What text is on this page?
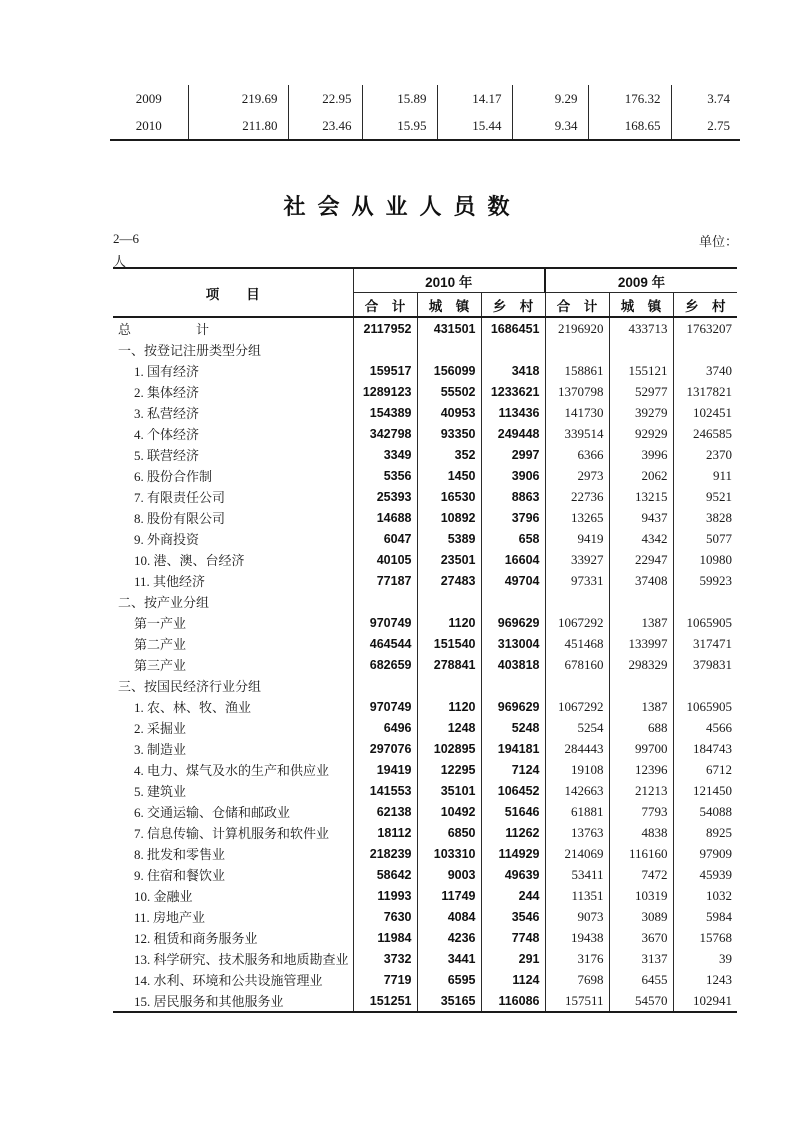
2009	219.69	22.95	15.89	14.17	9.29	176.32	3.74
2010	211.80	23.46	15.95	15.44	9.34	168.65	2.75
社会从业人员数
2—6	单位：
人
项　　目	2010 年			2009 年		
	合　计	城　镇	乡　村	合　计	城　镇	乡　村
总　　　　　计	2117952	431501	1686451	2196920	433713	1763207
一、按登记注册类型分组						
1. 国有经济	159517	156099	3418	158861	155121	3740
2. 集体经济	1289123	55502	1233621	1370798	52977	1317821
3. 私营经济	154389	40953	113436	141730	39279	102451
4. 个体经济	342798	93350	249448	339514	92929	246585
5. 联营经济	3349	352	2997	6366	3996	2370
6. 股份合作制	5356	1450	3906	2973	2062	911
7. 有限责任公司	25393	16530	8863	22736	13215	9521
8. 股份有限公司	14688	10892	3796	13265	9437	3828
9. 外商投资	6047	5389	658	9419	4342	5077
10. 港、澳、台经济	40105	23501	16604	33927	22947	10980
11. 其他经济	77187	27483	49704	97331	37408	59923
二、按产业分组						
第一产业	970749	1120	969629	1067292	1387	1065905
第二产业	464544	151540	313004	451468	133997	317471
第三产业	682659	278841	403818	678160	298329	379831
三、按国民经济行业分组						
1. 农、林、牧、渔业	970749	1120	969629	1067292	1387	1065905
2. 采掘业	6496	1248	5248	5254	688	4566
3. 制造业	297076	102895	194181	284443	99700	184743
4. 电力、煤气及水的生产和供应业	19419	12295	7124	19108	12396	6712
5. 建筑业	141553	35101	106452	142663	21213	121450
6. 交通运输、仓储和邮政业	62138	10492	51646	61881	7793	54088
7. 信息传输、计算机服务和软件业	18112	6850	11262	13763	4838	8925
8. 批发和零售业	218239	103310	114929	214069	116160	97909
9. 住宿和餐饮业	58642	9003	49639	53411	7472	45939
10. 金融业	11993	11749	244	11351	10319	1032
11. 房地产业	7630	4084	3546	9073	3089	5984
12. 租赁和商务服务业	11984	4236	7748	19438	3670	15768
13. 科学研究、技术服务和地质勘查业	3732	3441	291	3176	3137	39
14. 水利、环境和公共设施管理业	7719	6595	1124	7698	6455	1243
15. 居民服务和其他服务业	151251	35165	116086	157511	54570	102941
